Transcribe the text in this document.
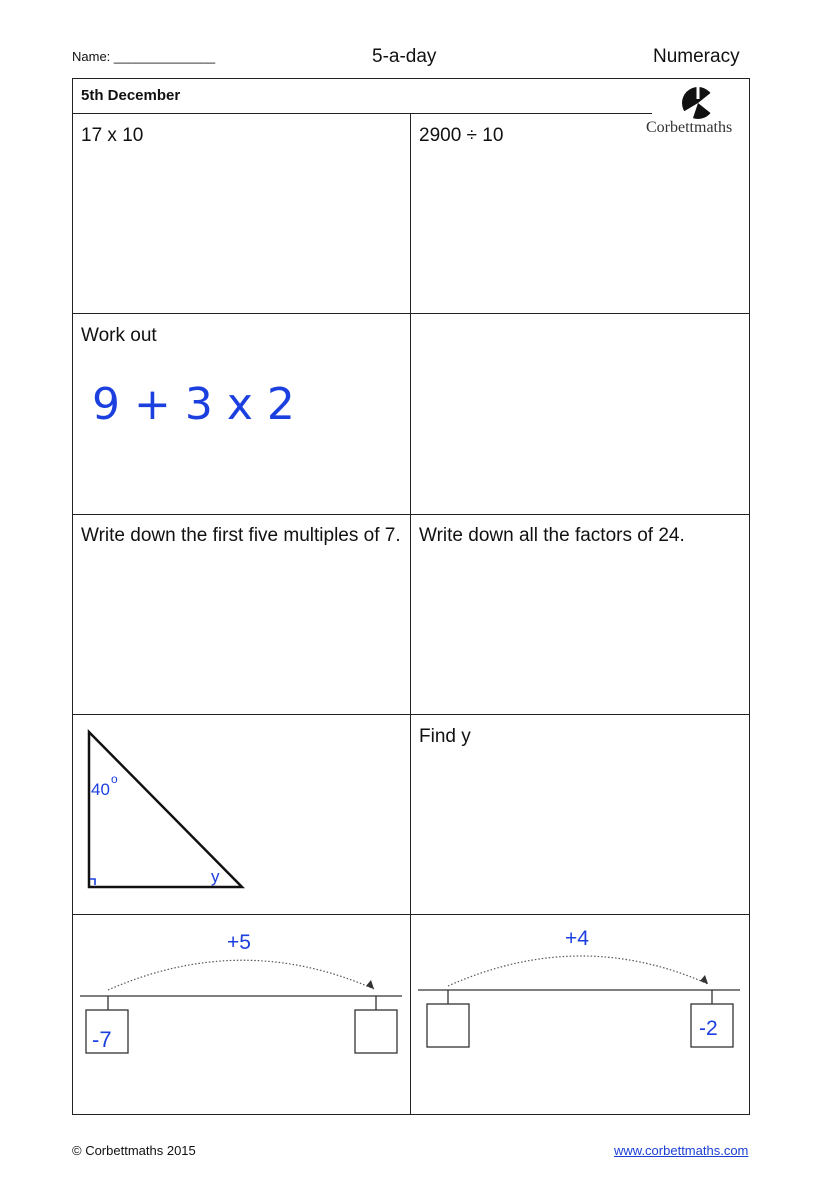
Name: ______________	5-a-day	Numeracy
5th December
Corbettmaths
17 x 10	2900 ÷ 10
Work out
9 + 3 x 2
Write down the first five multiples of 7. Write down all the factors of 24.
40
o
y
Find y
+5
-7
+4
-2
© Corbettmaths 2015	www.corbettmaths.com
